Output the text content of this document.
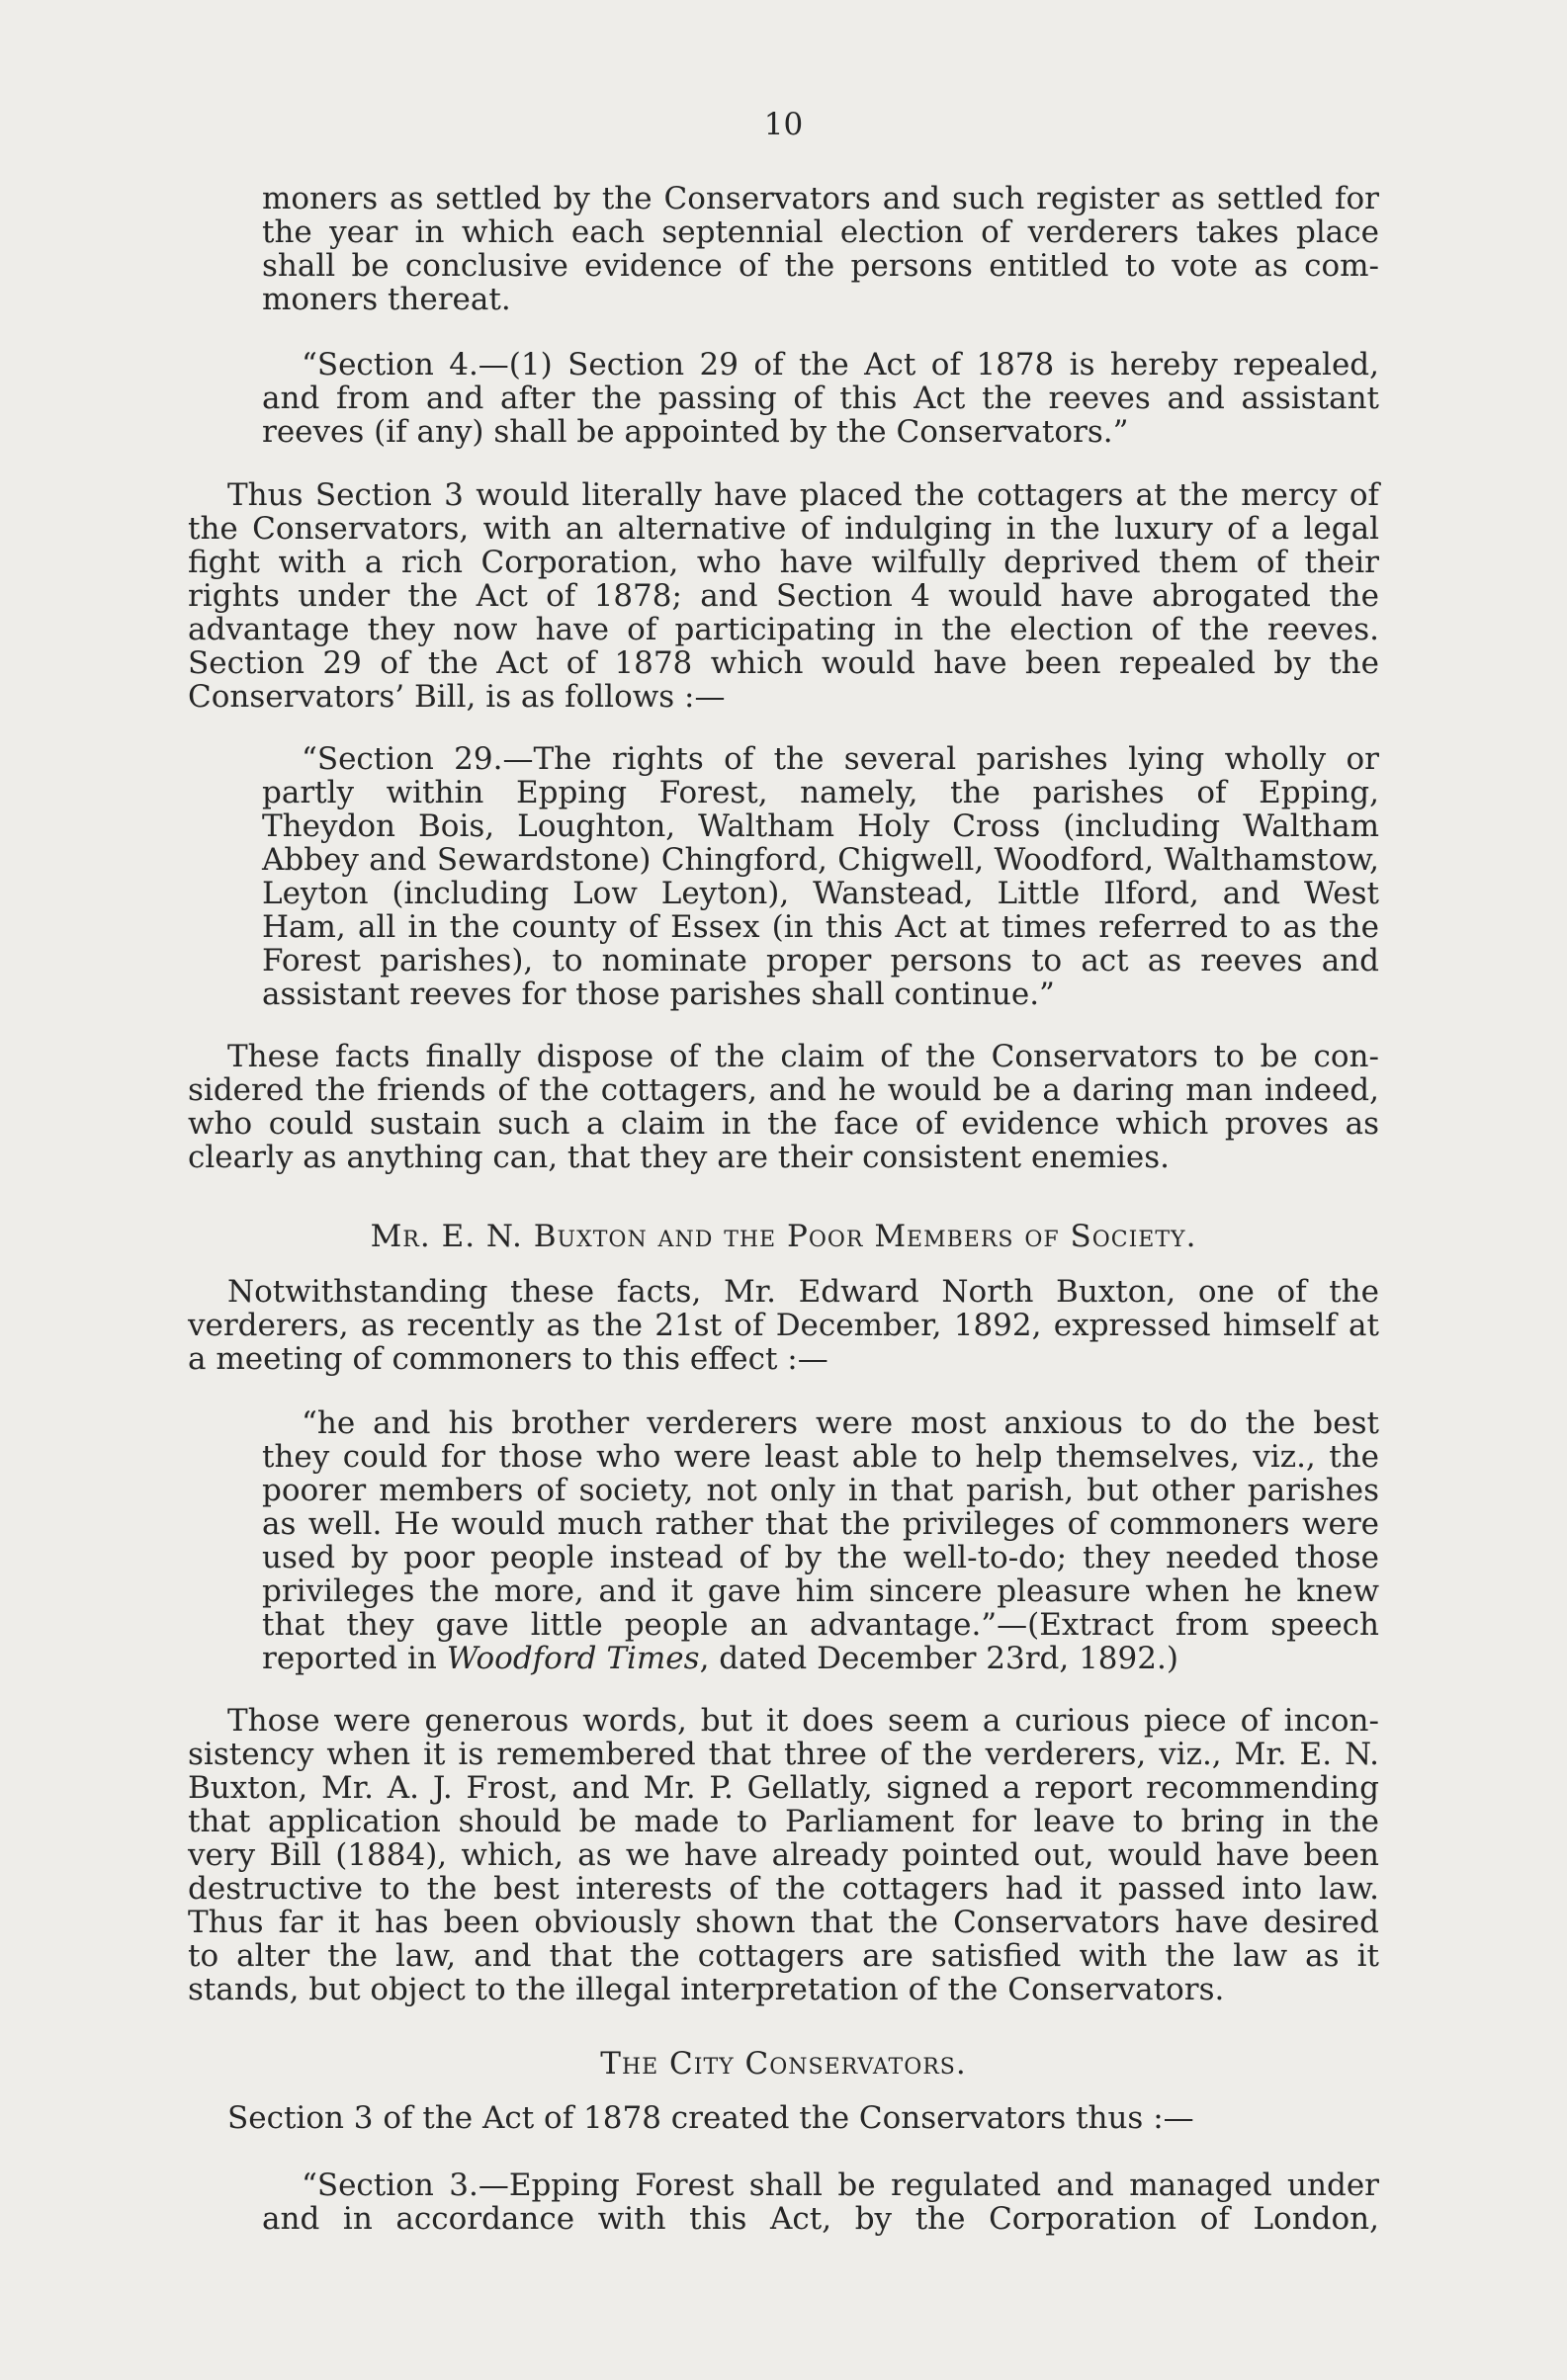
10
moners as settled by the Conservators and such register as settled for
the year in which each septennial election of verderers takes place
shall be conclusive evidence of the persons entitled to vote as com-
moners thereat.
“Section 4.—(1) Section 29 of the Act of 1878 is hereby repealed,
and from and after the passing of this Act the reeves and assistant
reeves (if any) shall be appointed by the Conservators.”
Thus Section 3 would literally have placed the cottagers at the mercy of
the Conservators, with an alternative of indulging in the luxury of a legal
fight with a rich Corporation, who have wilfully deprived them of their
rights under the Act of 1878; and Section 4 would have abrogated the
advantage they now have of participating in the election of the reeves.
Section 29 of the Act of 1878 which would have been repealed by the
Conservators’ Bill, is as follows :—
“Section 29.—The rights of the several parishes lying wholly or
partly within Epping Forest, namely, the parishes of Epping,
Theydon Bois, Loughton, Waltham Holy Cross (including Waltham
Abbey and Sewardstone) Chingford, Chigwell, Woodford, Walthamstow,
Leyton (including Low Leyton), Wanstead, Little Ilford, and West
Ham, all in the county of Essex (in this Act at times referred to as the
Forest parishes), to nominate proper persons to act as reeves and
assistant reeves for those parishes shall continue.”
These facts finally dispose of the claim of the Conservators to be con-
sidered the friends of the cottagers, and he would be a daring man indeed,
who could sustain such a claim in the face of evidence which proves as
clearly as anything can, that they are their consistent enemies.
Mr. E. N. Buxton and the Poor Members of Society.
Notwithstanding these facts, Mr. Edward North Buxton, one of the
verderers, as recently as the 21st of December, 1892, expressed himself at
a meeting of commoners to this effect :—
“he and his brother verderers were most anxious to do the best
they could for those who were least able to help themselves, viz., the
poorer members of society, not only in that parish, but other parishes
as well. He would much rather that the privileges of commoners were
used by poor people instead of by the well-to-do; they needed those
privileges the more, and it gave him sincere pleasure when he knew
that they gave little people an advantage.”—(Extract from speech
reported in Woodford Times, dated December 23rd, 1892.)
Those were generous words, but it does seem a curious piece of incon-
sistency when it is remembered that three of the verderers, viz., Mr. E. N.
Buxton, Mr. A. J. Frost, and Mr. P. Gellatly, signed a report recommending
that application should be made to Parliament for leave to bring in the
very Bill (1884), which, as we have already pointed out, would have been
destructive to the best interests of the cottagers had it passed into law.
Thus far it has been obviously shown that the Conservators have desired
to alter the law, and that the cottagers are satisfied with the law as it
stands, but object to the illegal interpretation of the Conservators.
The City Conservators.
Section 3 of the Act of 1878 created the Conservators thus :—
“Section 3.—Epping Forest shall be regulated and managed under
and in accordance with this Act, by the Corporation of London,
